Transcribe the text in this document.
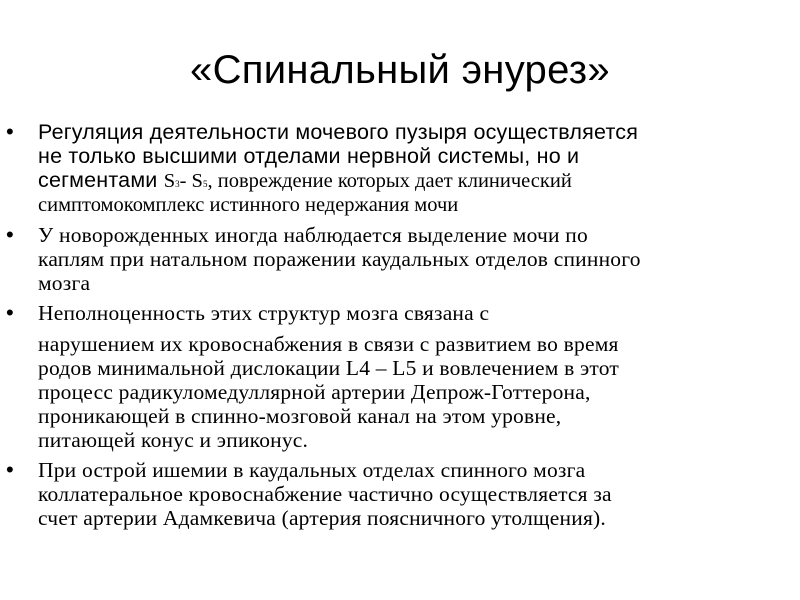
«Спинальный энурез»
• Регуляция деятельности мочевого пузыря осуществляется
не только высшими отделами нервной системы, но и
сегментами S3- S5, повреждение которых дает клинический
симптомокомплекс истинного недержания мочи
• У новорожденных иногда наблюдается выделение мочи по
каплям при натальном поражении каудальных отделов спинного
мозга
• Неполноценность этих структур мозга связана с
нарушением их кровоснабжения в связи с развитием во время
родов минимальной дислокации L4 – L5 и вовлечением в этот
процесс радикуломедуллярной артерии Депрож-Готтерона,
проникающей в спинно-мозговой канал на этом уровне,
питающей конус и эпиконус.
• При острой ишемии в каудальных отделах спинного мозга
коллатеральное кровоснабжение частично осуществляется за
счет артерии Адамкевича (артерия поясничного утолщения).
